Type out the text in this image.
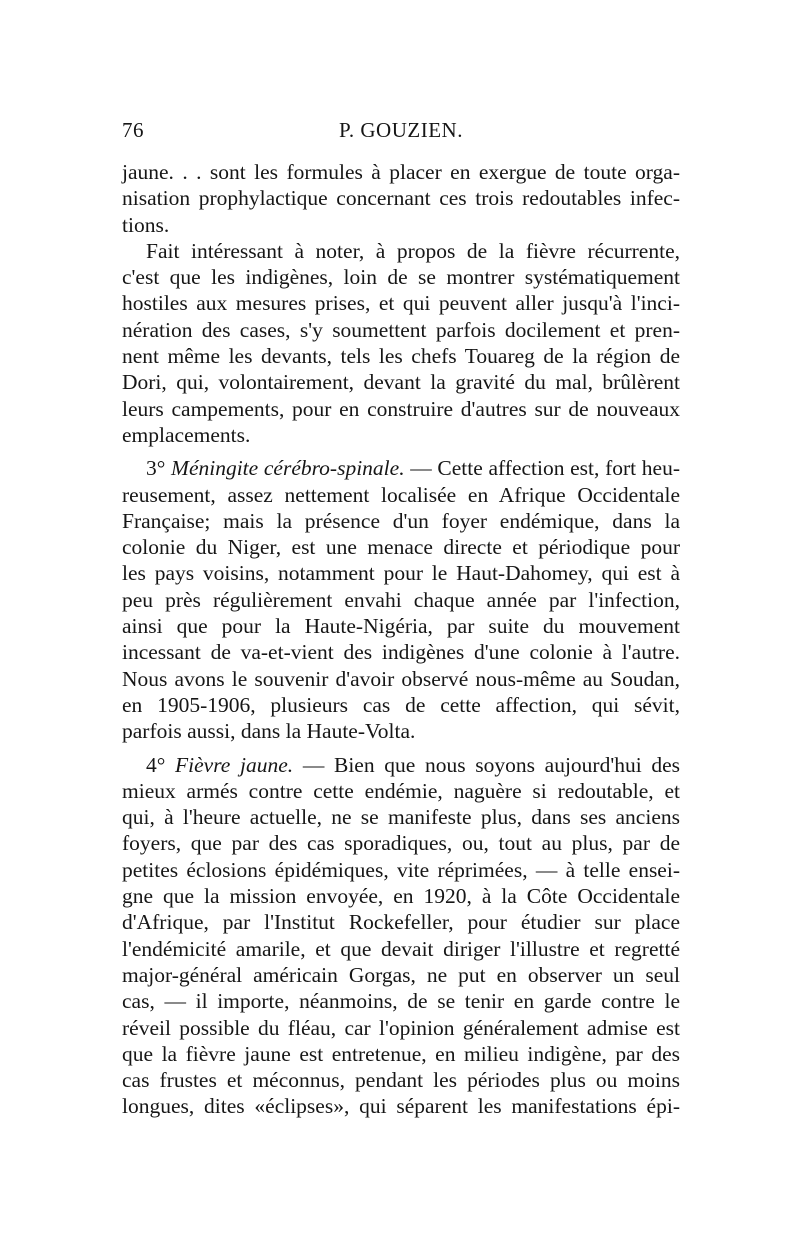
76	P. GOUZIEN.
jaune. . . sont les formules à placer en exergue de toute orga-
nisation prophylactique concernant ces trois redoutables infec-
tions.
Fait intéressant à noter, à propos de la fièvre récurrente,
c'est que les indigènes, loin de se montrer systématiquement
hostiles aux mesures prises, et qui peuvent aller jusqu'à l'inci-
nération des cases, s'y soumettent parfois docilement et pren-
nent même les devants, tels les chefs Touareg de la région de
Dori, qui, volontairement, devant la gravité du mal, brûlèrent
leurs campements, pour en construire d'autres sur de nouveaux
emplacements.
3° Méningite cérébro-spinale. — Cette affection est, fort heu-
reusement, assez nettement localisée en Afrique Occidentale
Française; mais la présence d'un foyer endémique, dans la
colonie du Niger, est une menace directe et périodique pour
les pays voisins, notamment pour le Haut-Dahomey, qui est à
peu près régulièrement envahi chaque année par l'infection,
ainsi que pour la Haute-Nigéria, par suite du mouvement
incessant de va-et-vient des indigènes d'une colonie à l'autre.
Nous avons le souvenir d'avoir observé nous-même au Soudan,
en 1905-1906, plusieurs cas de cette affection, qui sévit,
parfois aussi, dans la Haute-Volta.
4° Fièvre jaune. — Bien que nous soyons aujourd'hui des
mieux armés contre cette endémie, naguère si redoutable, et
qui, à l'heure actuelle, ne se manifeste plus, dans ses anciens
foyers, que par des cas sporadiques, ou, tout au plus, par de
petites éclosions épidémiques, vite réprimées, — à telle ensei-
gne que la mission envoyée, en 1920, à la Côte Occidentale
d'Afrique, par l'Institut Rockefeller, pour étudier sur place
l'endémicité amarile, et que devait diriger l'illustre et regretté
major-général américain Gorgas, ne put en observer un seul
cas, — il importe, néanmoins, de se tenir en garde contre le
réveil possible du fléau, car l'opinion généralement admise est
que la fièvre jaune est entretenue, en milieu indigène, par des
cas frustes et méconnus, pendant les périodes plus ou moins
longues, dites «éclipses», qui séparent les manifestations épi-
